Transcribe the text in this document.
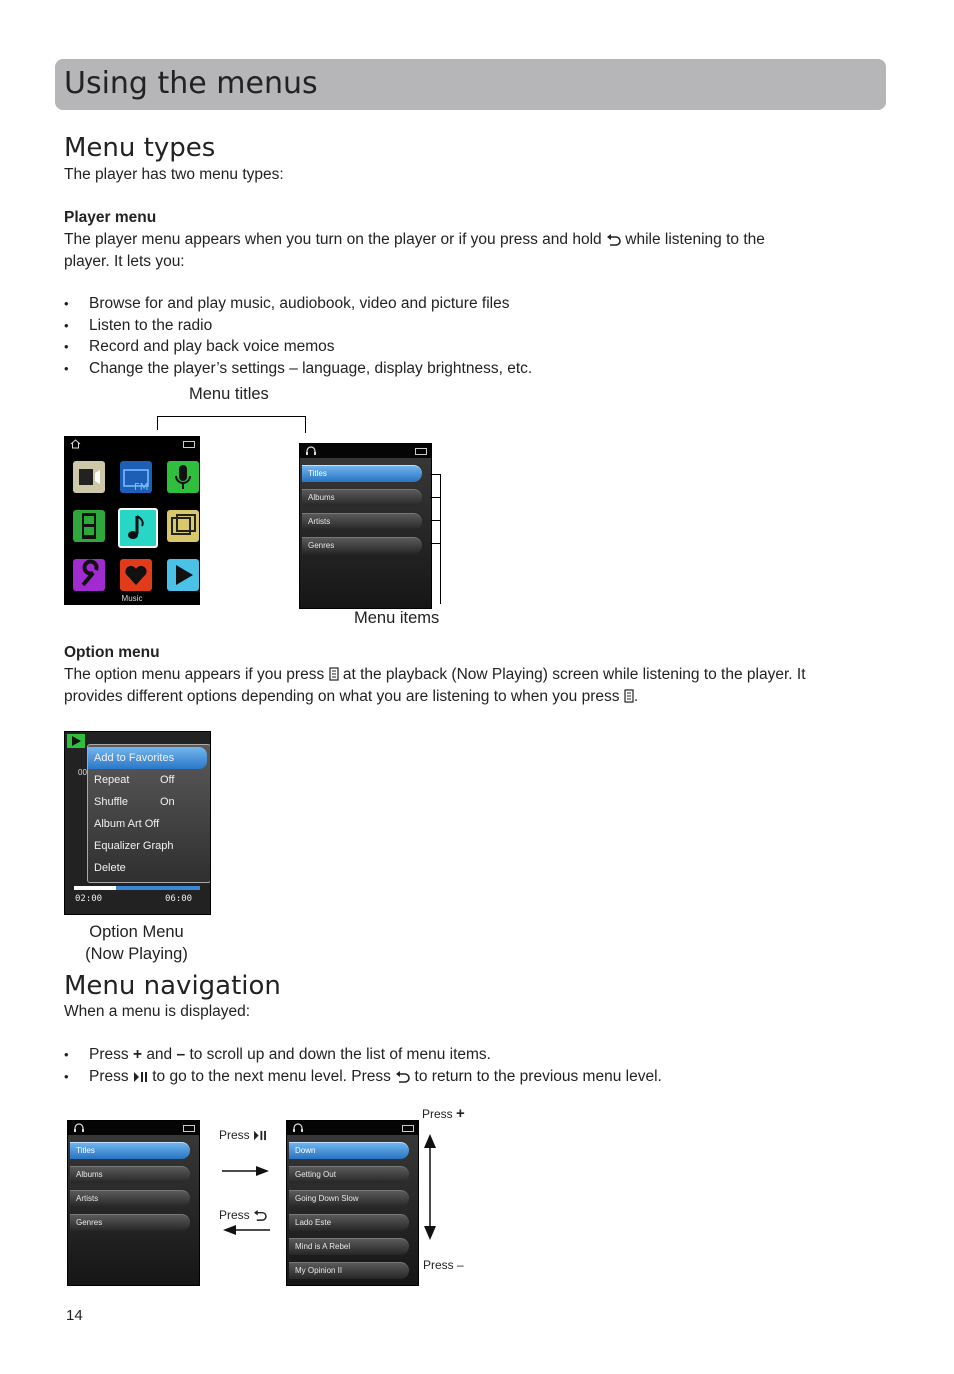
Using the menus
Menu types
The player has two menu types:
Player menu
The player menu appears when you turn on the player or if you press and hold while listening to the
player. It lets you:
• Browse for and play music, audiobook, video and picture files
• Listen to the radio
• Record and play back voice memos
• Change the player’s settings – language, display brightness, etc.
Menu titles
FM
Music
Titles
Albums
Artists
Genres
Menu items
Option menu
The option menu appears if you press at the playback (Now Playing) screen while listening to the player. It
provides different options depending on what you are listening to when you press .
00
Add to Favorites
Repeat	Off
Shuffle	On
Album Art Off
Equalizer Graph
Delete
02:00	06:00
Option Menu
(Now Playing)
Menu navigation
When a menu is displayed:
• Press + and – to scroll up and down the list of menu items.
• Press to go to the next menu level. Press to return to the previous menu level.
Titles
Albums
Artists
Genres
Press
Press
Down
Getting Out
Going Down Slow
Lado Este
Mind is A Rebel
My Opinion II
Press +
Press –
14
